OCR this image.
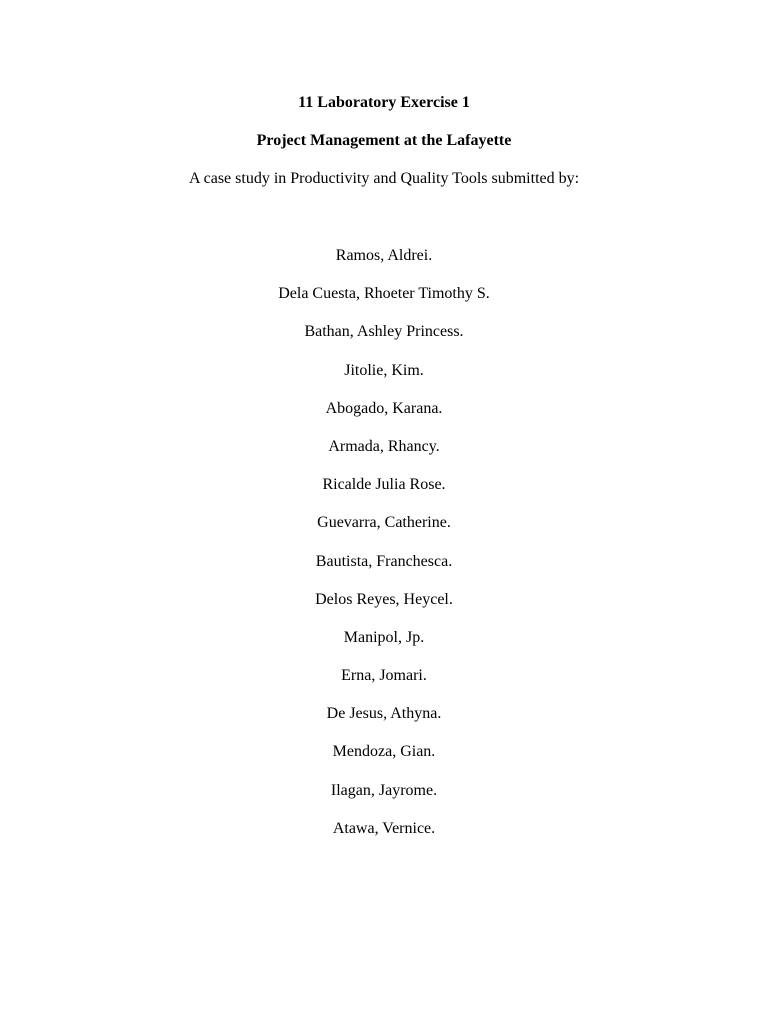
11 Laboratory Exercise 1
Project Management at the Lafayette
A case study in Productivity and Quality Tools submitted by:
Ramos, Aldrei.
Dela Cuesta, Rhoeter Timothy S.
Bathan, Ashley Princess.
Jitolie, Kim.
Abogado, Karana.
Armada, Rhancy.
Ricalde Julia Rose.
Guevarra, Catherine.
Bautista, Franchesca.
Delos Reyes, Heycel.
Manipol, Jp.
Erna, Jomari.
De Jesus, Athyna.
Mendoza, Gian.
Ilagan, Jayrome.
Atawa, Vernice.
